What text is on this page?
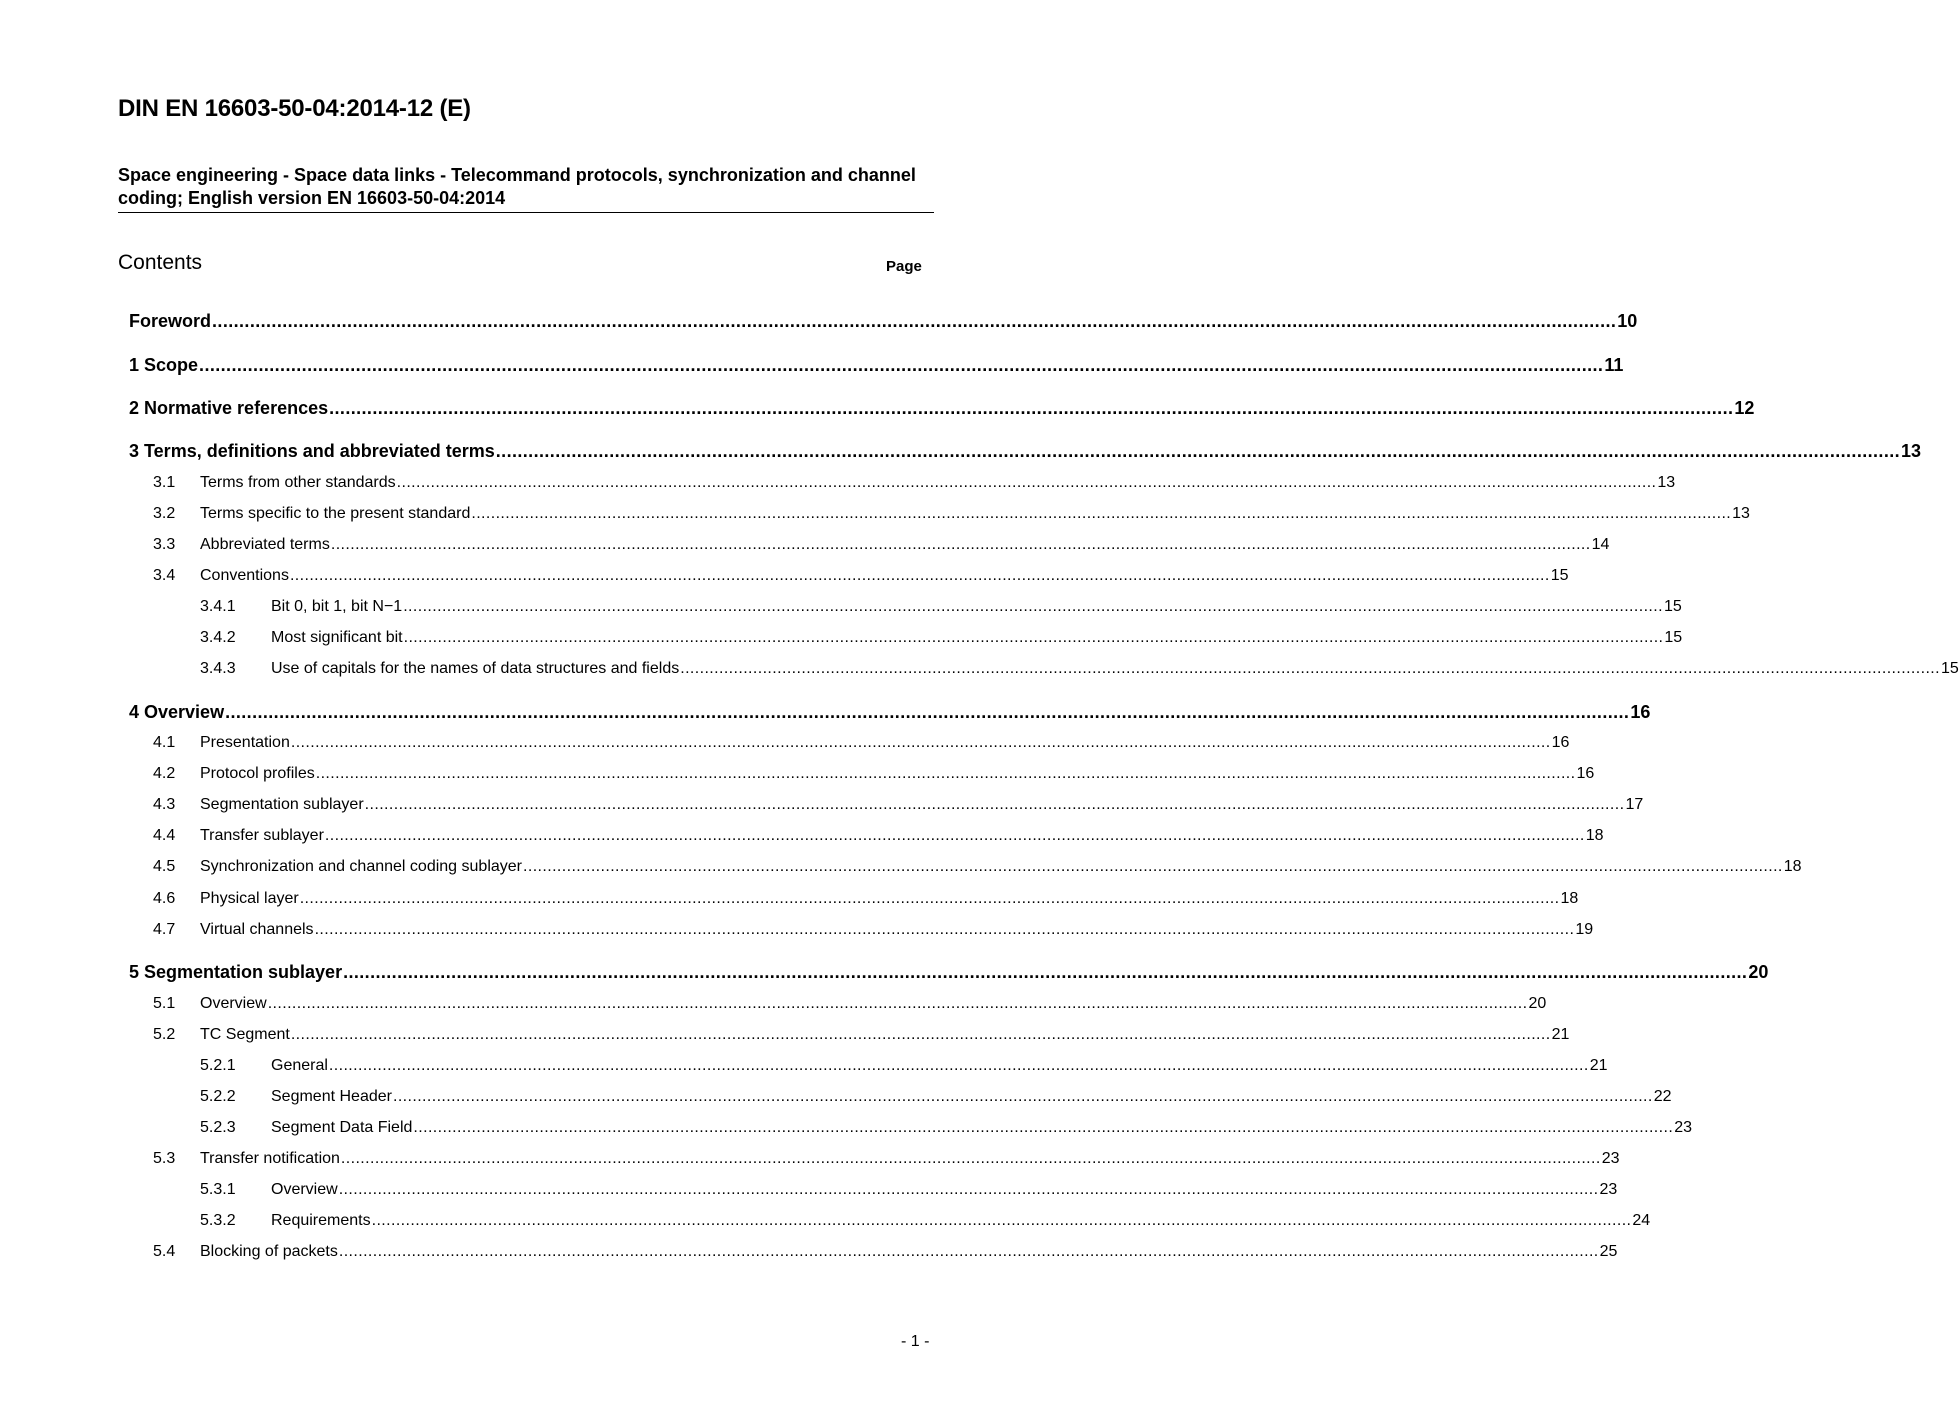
DIN EN 16603-50-04:2014-12 (E)
Space engineering - Space data links - Telecommand protocols, synchronization and channel coding; English version EN 16603-50-04:2014
Contents	Page
Foreword .................................................................................................................................................................................................................................................................... 10
1 Scope .................................................................................................................................................................................................................................................................... 11
2 Normative references .................................................................................................................................................................................................................................................................... 12
3 Terms, definitions and abbreviated terms .................................................................................................................................................................................................................................................................... 13
3.1	Terms from other standards .................................................................................................................................................................................................................................................................... 13
3.2	Terms specific to the present standard .................................................................................................................................................................................................................................................................... 13
3.3	Abbreviated terms .................................................................................................................................................................................................................................................................... 14
3.4	Conventions .................................................................................................................................................................................................................................................................... 15
3.4.1	Bit 0, bit 1, bit N−1 .................................................................................................................................................................................................................................................................... 15
3.4.2	Most significant bit .................................................................................................................................................................................................................................................................... 15
3.4.3	Use of capitals for the names of data structures and fields .................................................................................................................................................................................................................................................................... 15
4 Overview .................................................................................................................................................................................................................................................................... 16
4.1	Presentation .................................................................................................................................................................................................................................................................... 16
4.2	Protocol profiles .................................................................................................................................................................................................................................................................... 16
4.3	Segmentation sublayer .................................................................................................................................................................................................................................................................... 17
4.4	Transfer sublayer .................................................................................................................................................................................................................................................................... 18
4.5	Synchronization and channel coding sublayer .................................................................................................................................................................................................................................................................... 18
4.6	Physical layer .................................................................................................................................................................................................................................................................... 18
4.7	Virtual channels .................................................................................................................................................................................................................................................................... 19
5 Segmentation sublayer .................................................................................................................................................................................................................................................................... 20
5.1	Overview .................................................................................................................................................................................................................................................................... 20
5.2	TC Segment .................................................................................................................................................................................................................................................................... 21
5.2.1	General .................................................................................................................................................................................................................................................................... 21
5.2.2	Segment Header .................................................................................................................................................................................................................................................................... 22
5.2.3	Segment Data Field .................................................................................................................................................................................................................................................................... 23
5.3	Transfer notification .................................................................................................................................................................................................................................................................... 23
5.3.1	Overview .................................................................................................................................................................................................................................................................... 23
5.3.2	Requirements .................................................................................................................................................................................................................................................................... 24
5.4	Blocking of packets .................................................................................................................................................................................................................................................................... 25
- 1 -
